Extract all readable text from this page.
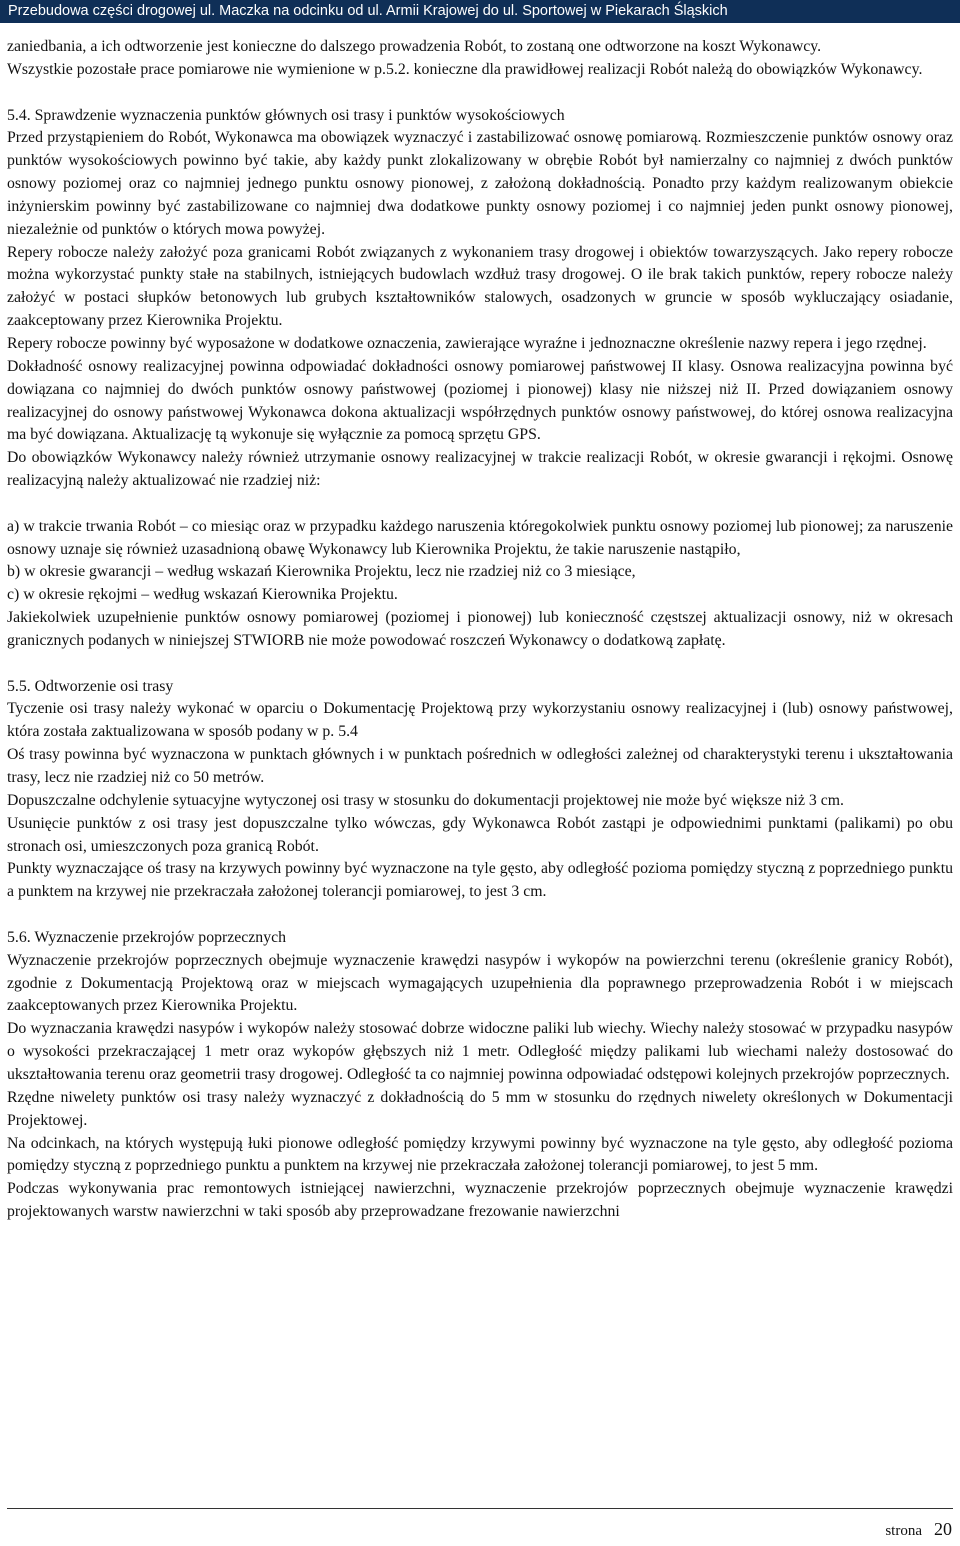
Przebudowa części drogowej ul. Maczka na odcinku od ul. Armii Krajowej do ul. Sportowej w Piekarach Śląskich

zaniedbania, a ich odtworzenie jest konieczne do dalszego prowadzenia Robót, to zostaną one odtworzone na koszt Wykonawcy.

Wszystkie pozostałe prace pomiarowe nie wymienione w p.5.2. konieczne dla prawidłowej realizacji Robót należą do obowiązków Wykonawcy.

5.4. Sprawdzenie wyznaczenia punktów głównych osi trasy i punktów wysokościowych

Przed przystąpieniem do Robót, Wykonawca ma obowiązek wyznaczyć i zastabilizować osnowę pomiarową. Rozmieszczenie punktów osnowy oraz punktów wysokościowych powinno być takie, aby każdy punkt zlokalizowany w obrębie Robót był namierzalny co najmniej z dwóch punktów osnowy poziomej oraz co najmniej jednego punktu osnowy pionowej, z założoną dokładnością. Ponadto przy każdym realizowanym obiekcie inżynierskim powinny być zastabilizowane co najmniej dwa dodatkowe punkty osnowy poziomej i co najmniej jeden punkt osnowy pionowej, niezależnie od punktów o których mowa powyżej.

Repery robocze należy założyć poza granicami Robót związanych z wykonaniem trasy drogowej i obiektów towarzyszących. Jako repery robocze można wykorzystać punkty stałe na stabilnych, istniejących budowlach wzdłuż trasy drogowej. O ile brak takich punktów, repery robocze należy założyć w postaci słupków betonowych lub grubych kształtowników stalowych, osadzonych w gruncie w sposób wykluczający osiadanie, zaakceptowany przez Kierownika Projektu.

Repery robocze powinny być wyposażone w dodatkowe oznaczenia, zawierające wyraźne i jednoznaczne określenie nazwy repera i jego rzędnej.

Dokładność osnowy realizacyjnej powinna odpowiadać dokładności osnowy pomiarowej państwowej II klasy. Osnowa realizacyjna powinna być dowiązana co najmniej do dwóch punktów osnowy państwowej (poziomej i pionowej) klasy nie niższej niż II. Przed dowiązaniem osnowy realizacyjnej do osnowy państwowej Wykonawca dokona aktualizacji współrzędnych punktów osnowy państwowej, do której osnowa realizacyjna ma być dowiązana. Aktualizację tą wykonuje się wyłącznie za pomocą sprzętu GPS.

Do obowiązków Wykonawcy należy również utrzymanie osnowy realizacyjnej w trakcie realizacji Robót, w okresie gwarancji i rękojmi. Osnowę realizacyjną należy aktualizować nie rzadziej niż:

a) w trakcie trwania Robót – co miesiąc oraz w przypadku każdego naruszenia któregokolwiek punktu osnowy poziomej lub pionowej; za naruszenie osnowy uznaje się również uzasadnioną obawę Wykonawcy lub Kierownika Projektu, że takie naruszenie nastąpiło,

b) w okresie gwarancji – według wskazań Kierownika Projektu, lecz nie rzadziej niż co 3 miesiące,

c) w okresie rękojmi – według wskazań Kierownika Projektu.

Jakiekolwiek uzupełnienie punktów osnowy pomiarowej (poziomej i pionowej) lub konieczność częstszej aktualizacji osnowy, niż w okresach granicznych podanych w niniejszej STWIORB nie może powodować roszczeń Wykonawcy o dodatkową zapłatę.

5.5. Odtworzenie osi trasy

Tyczenie osi trasy należy wykonać w oparciu o Dokumentację Projektową przy wykorzystaniu osnowy realizacyjnej i (lub) osnowy państwowej, która została zaktualizowana w sposób podany w p. 5.4

Oś trasy powinna być wyznaczona w punktach głównych i w punktach pośrednich w odległości zależnej od charakterystyki terenu i ukształtowania trasy, lecz nie rzadziej niż co 50 metrów.

Dopuszczalne odchylenie sytuacyjne wytyczonej osi trasy w stosunku do dokumentacji projektowej nie może być większe niż 3 cm.

Usunięcie punktów z osi trasy jest dopuszczalne tylko wówczas, gdy Wykonawca Robót zastąpi je odpowiednimi punktami (palikami) po obu stronach osi, umieszczonych poza granicą Robót.

Punkty wyznaczające oś trasy na krzywych powinny być wyznaczone na tyle gęsto, aby odległość pozioma pomiędzy styczną z poprzedniego punktu a punktem na krzywej nie przekraczała założonej tolerancji pomiarowej, to jest 3 cm.

5.6. Wyznaczenie przekrojów poprzecznych

Wyznaczenie przekrojów poprzecznych obejmuje wyznaczenie krawędzi nasypów i wykopów na powierzchni terenu (określenie granicy Robót), zgodnie z Dokumentacją Projektową oraz w miejscach wymagających uzupełnienia dla poprawnego przeprowadzenia Robót i w miejscach zaakceptowanych przez Kierownika Projektu.

Do wyznaczania krawędzi nasypów i wykopów należy stosować dobrze widoczne paliki lub wiechy. Wiechy należy stosować w przypadku nasypów o wysokości przekraczającej 1 metr oraz wykopów głębszych niż 1 metr. Odległość między palikami lub wiechami należy dostosować do ukształtowania terenu oraz geometrii trasy drogowej. Odległość ta co najmniej powinna odpowiadać odstępowi kolejnych przekrojów poprzecznych.

Rzędne niwelety punktów osi trasy należy wyznaczyć z dokładnością do 5 mm w stosunku do rzędnych niwelety określonych w Dokumentacji Projektowej.

Na odcinkach, na których występują łuki pionowe odległość pomiędzy krzywymi powinny być wyznaczone na tyle gęsto, aby odległość pozioma pomiędzy styczną z poprzedniego punktu a punktem na krzywej nie przekraczała założonej tolerancji pomiarowej, to jest 5 mm.

Podczas wykonywania prac remontowych istniejącej nawierzchni, wyznaczenie przekrojów poprzecznych obejmuje wyznaczenie krawędzi projektowanych warstw nawierzchni w taki sposób aby przeprowadzane frezowanie nawierzchni

strona 20
